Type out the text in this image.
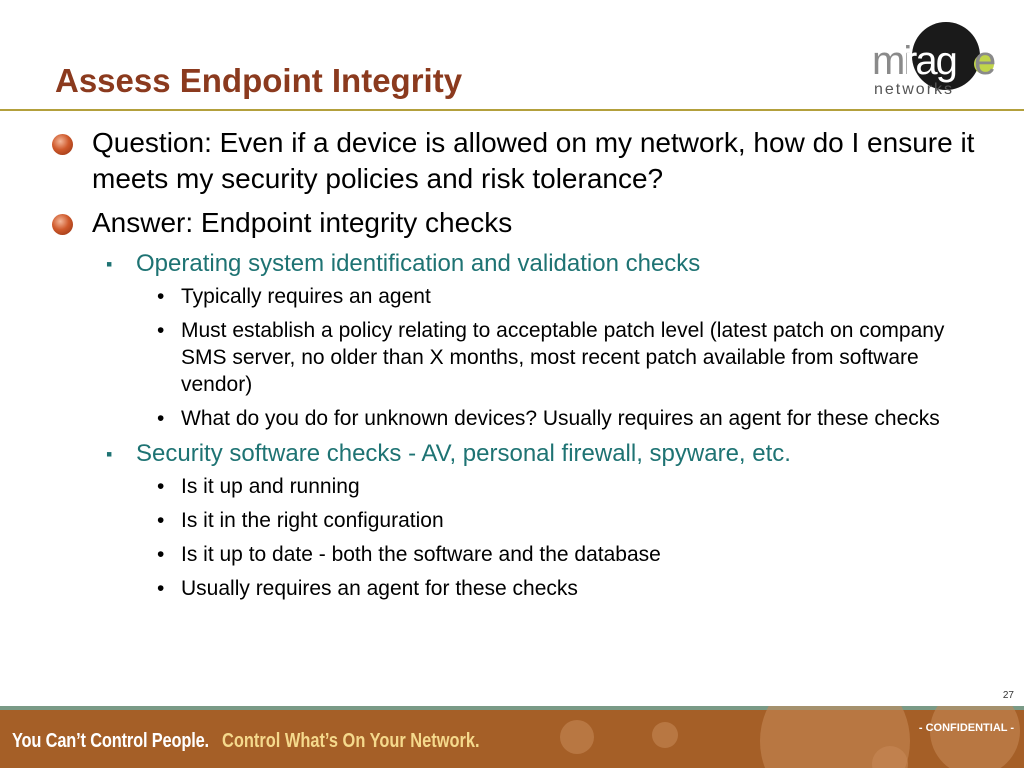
Assess Endpoint Integrity	mi
rag e
networks
Question: Even if a device is allowed on my network, how do I ensure it meets my security policies and risk tolerance?
Answer: Endpoint integrity checks
▪ Operating system identification and validation checks
• Typically requires an agent
• Must establish a policy relating to acceptable patch level (latest patch on company SMS server, no older than X months, most recent patch available from software vendor)
• What do you do for unknown devices? Usually requires an agent for these checks
▪ Security software checks - AV, personal firewall, spyware, etc.
• Is it up and running
• Is it in the right configuration
• Is it up to date - both the software and the database
• Usually requires an agent for these checks
27
You Can’t Control People. Control What’s On Your Network.
- CONFIDENTIAL -
